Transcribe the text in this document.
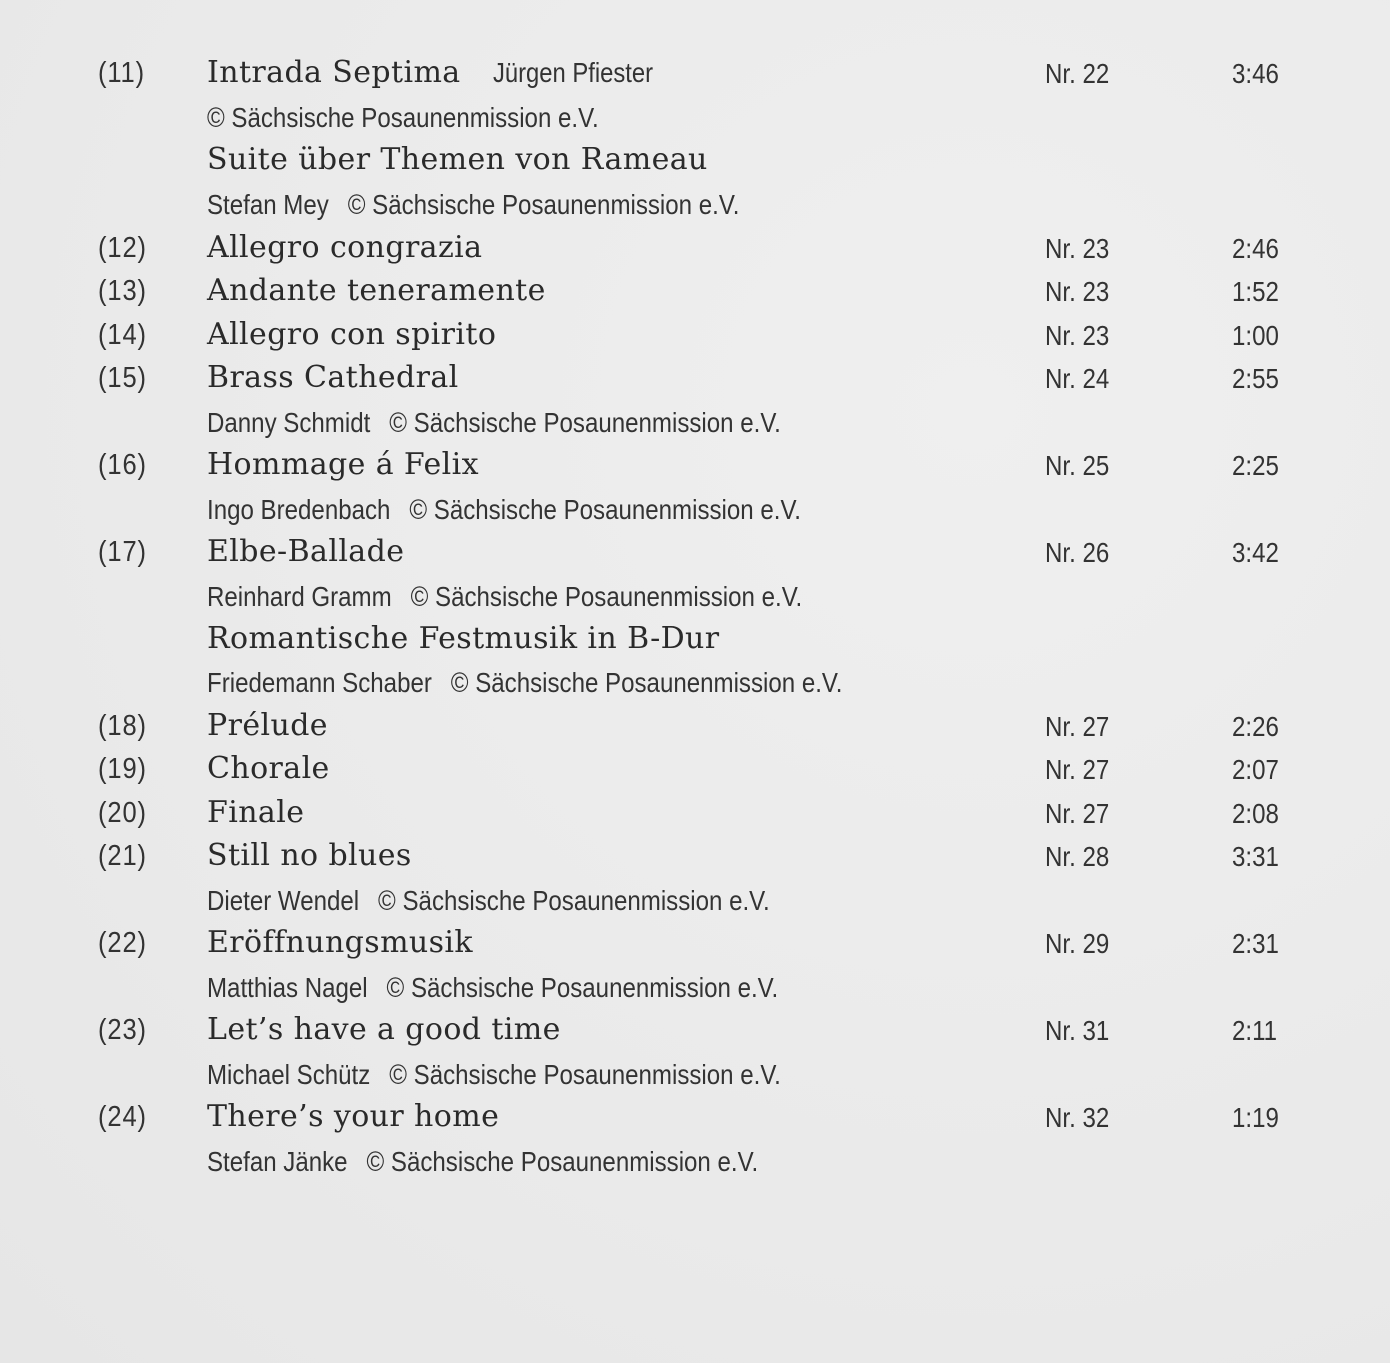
(11) Intrada Septima Jürgen Pfiester	Nr. 22	3:46
© Sächsische Posaunenmission e.V.
Suite über Themen von Rameau
Stefan Mey © Sächsische Posaunenmission e.V.
(12) Allegro congrazia	Nr. 23	2:46
(13) Andante teneramente	Nr. 23	1:52
(14) Allegro con spirito	Nr. 23	1:00
(15) Brass Cathedral	Nr. 24	2:55
Danny Schmidt © Sächsische Posaunenmission e.V.
(16) Hommage á Felix	Nr. 25	2:25
Ingo Bredenbach © Sächsische Posaunenmission e.V.
(17) Elbe-Ballade	Nr. 26	3:42
Reinhard Gramm © Sächsische Posaunenmission e.V.
Romantische Festmusik in B-Dur
Friedemann Schaber © Sächsische Posaunenmission e.V.
(18) Prélude	Nr. 27	2:26
(19) Chorale	Nr. 27	2:07
(20) Finale	Nr. 27	2:08
(21) Still no blues	Nr. 28	3:31
Dieter Wendel © Sächsische Posaunenmission e.V.
(22) Eröffnungsmusik	Nr. 29	2:31
Matthias Nagel © Sächsische Posaunenmission e.V.
(23) Let’s have a good time	Nr. 31	2:11
Michael Schütz © Sächsische Posaunenmission e.V.
(24) There’s your home	Nr. 32	1:19
Stefan Jänke © Sächsische Posaunenmission e.V.
